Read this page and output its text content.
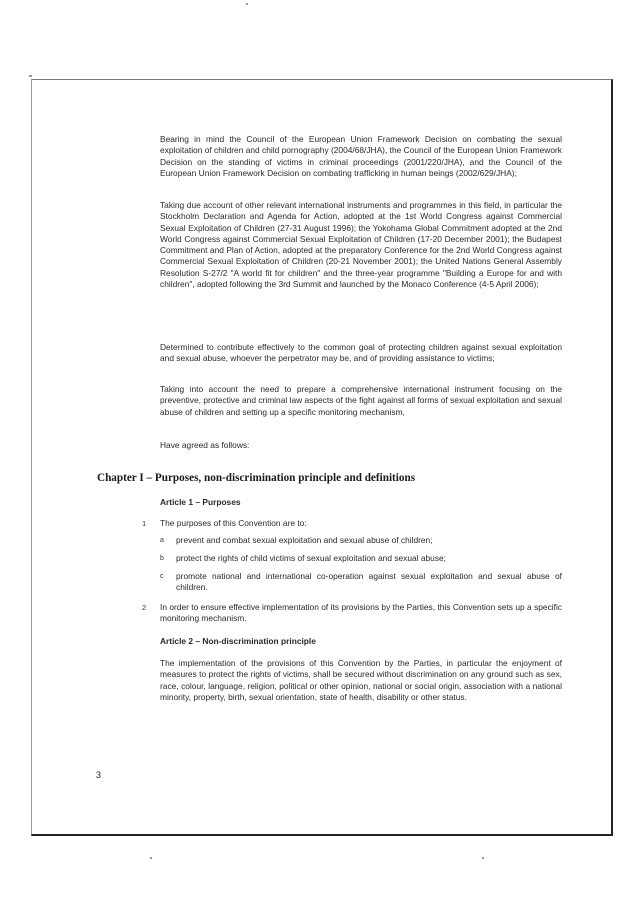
Bearing in mind the Council of the European Union Framework Decision on combating the sexual exploitation of children and child pornography (2004/68/JHA), the Council of the European Union Framework Decision on the standing of victims in criminal proceedings (2001/220/JHA), and the Council of the European Union Framework Decision on combating trafficking in human beings (2002/629/JHA);

Taking due account of other relevant international instruments and programmes in this field, in particular the Stockholm Declaration and Agenda for Action, adopted at the 1st World Congress against Commercial Sexual Exploitation of Children (27-31 August 1996); the Yokohama Global Commitment adopted at the 2nd World Congress against Commercial Sexual Exploitation of Children (17-20 December 2001); the Budapest Commitment and Plan of Action, adopted at the preparatory Conference for the 2nd World Congress against Commercial Sexual Exploitation of Children (20-21 November 2001); the United Nations General Assembly Resolution S-27/2 "A world fit for children" and the three-year programme "Building a Europe for and with children", adopted following the 3rd Summit and launched by the Monaco Conference (4-5 April 2006);

Determined to contribute effectively to the common goal of protecting children against sexual exploitation and sexual abuse, whoever the perpetrator may be, and of providing assistance to victims;

Taking into account the need to prepare a comprehensive international instrument focusing on the preventive, protective and criminal law aspects of the fight against all forms of sexual exploitation and sexual abuse of children and setting up a specific monitoring mechanism,

Have agreed as follows:

Chapter I – Purposes, non-discrimination principle and definitions
Article 1 – Purposes
1 The purposes of this Convention are to:

a prevent and combat sexual exploitation and sexual abuse of children;

b protect the rights of child victims of sexual exploitation and sexual abuse;

c promote national and international co-operation against sexual exploitation and sexual abuse of children.

2 In order to ensure effective implementation of its provisions by the Parties, this Convention sets up a specific monitoring mechanism.

Article 2 – Non-discrimination principle

The implementation of the provisions of this Convention by the Parties, in particular the enjoyment of measures to protect the rights of victims, shall be secured without discrimination on any ground such as sex, race, colour, language, religion, political or other opinion, national or social origin, association with a national minority, property, birth, sexual orientation, state of health, disability or other status.

3
